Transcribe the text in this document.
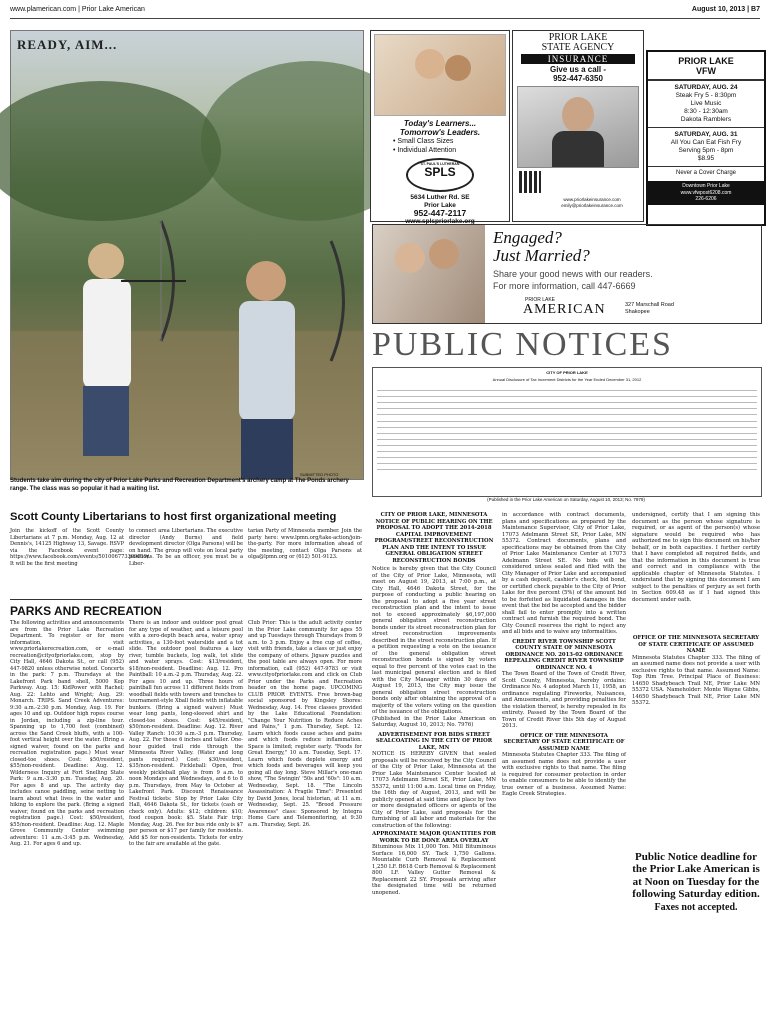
www.plamerican.com | Prior Lake American	August 10, 2013 | B7
READY, AIM...
SUBMITTED PHOTO
Students take aim during the city of Prior Lake Parks and Recreation Department's archery camp at The Ponds archery range. The class was so popular it had a waiting list.
Today's Learners...
Tomorrow's Leaders.
• Small Class Sizes
• Individual Attention
ST. PAUL'S LUTHERAN
SPLS
5634 Luther Rd. SE
Prior Lake
952-447-2117
www.splspriorlake.org
PRIOR LAKE
STATE AGENCY
INSURANCE
Give us a call -
952-447-6350
www.priorlakeinsurance.com
emily@priorlakeinsurance.com
PRIOR LAKE
VFW
SATURDAY, AUG. 24
Steak Fry 5 - 8:30pm
Live Music
8:30 - 12:30am
Dakota Ramblers
SATURDAY, AUG. 31
All You Can Eat Fish Fry
Serving 5pm - 8pm
$8.95
Never a Cover Charge
Downtown Prior Lake
www.vfwpost6208.com
226-6206
Engaged?
Just Married?
Share your good news with our readers.
For more information, call 447-6669
PRIOR LAKE
AMERICAN	327 Marschall Road
Shakopee
PUBLIC NOTICES
CITY OF PRIOR LAKE
Annual Disclosure of Tax Increment Districts for the Year Ended December 31, 2012
(Published in the Prior Lake American on Saturday, August 10, 2013; No. 7979)
Scott County Libertarians to host first organizational meeting
Join the kickoff of the Scott County Libertarians at 7 p.m. Monday, Aug. 12 at Dennis's, 14125 Highway 13, Savage. RSVP via the Facebook event page: https://www.facebook.com/events/501006773309019/. It will be the first meeting
to connect area Libertarians. The executive director (Andy Burns) and field development director (Olga Parsons) will be on hand. The group will vote on local party positions. To be an officer, you must be a Liber-
tarian Party of Minnesota member. Join the party here: www.lpmn.org/take-action/join-the-party. For more information ahead of the meeting, contact Olga Parsons at olga@lpmn.org or (612) 501-9123.
PARKS AND RECREATION
The following activities and announcements are from the Prior Lake Recreation Department. To register or for more information, visit www.priorlakerecreation.com, or e-mail recreation@cityofpriorlake.com, stop by City Hall, 4646 Dakota St., or call (952) 447-9820 unless otherwise noted. Concerts in the park: 7 p.m. Thursdays at the Lakefront Park band shell, 5000 Kop Parkway. Aug. 15: KidPower with Rachel; Aug. 22: Lehto and Wright; Aug. 29: Monarch. TRIPS. Sand Creek Adventures: 9:30 a.m.-2:30 p.m. Monday, Aug. 19. For ages 10 and up. Outdoor high ropes course in Jordan, including a zip-line tour. Spanning up to 1,700 feet (combined) across the Sand Creek bluffs, with a 100-foot vertical height over the water. (Bring a signed waiver, found on the parks and recreation registration page.) Must wear closed-toe shoes. Cost: $50/resident, $55/non-resident. Deadline: Aug. 12. Wilderness Inquiry at Fort Snelling State Park: 9 a.m.-3:30 p.m. Tuesday, Aug. 20. For ages 8 and up. The activity day includes canoe paddling, seine netting to learn about what lives in the water and hiking to explore the park. (Bring a signed waiver, found on the parks and recreation registration page.) Cost: $50/resident, $55/non-resident. Deadline: Aug. 12. Maple Grove Community Center swimming adventure: 11 a.m.-3:45 p.m. Wednesday, Aug. 21. For ages 6 and up.
There is an indoor and outdoor pool great for any type of weather, and a leisure pool with a zero-depth beach area, water spray activities, a 130-foot waterslide and a tot slide. The outdoor pool features a lazy river, tumble buckets, log walk, tot slide and water sprays. Cost: $13/resident, $18/non-resident. Deadline: Aug. 12. Pro Paintball: 10 a.m.-2 p.m. Thursday, Aug. 22. For ages 10 and up. Three hours of paintball fun across 11 different fields from woodball fields with towers and trenches to tournament-style Xball fields with inflatable bunkers. (Bring a signed waiver.) Must wear long pants, long-sleeved shirt and closed-toe shoes. Cost: $45/resident, $50/non-resident. Deadline: Aug. 12. River Valley Ranch: 10:30 a.m.-3 p.m. Thursday, Aug. 22. For those 6 inches and taller. One-hour guided trail ride through the Minnesota River Valley. (Water and long pants required.) Cost: $30/resident, $35/non-resident. Pickleball: Open, free weekly pickleball play is from 9 a.m. to noon Mondays and Wednesdays, and 6 to 8 p.m. Thursdays, from May to October at Lakefront Park. Discount Renaissance Festival tickets: Stop by Prior Lake City Hall, 4646 Dakota St., for tickets (cash or check only). Adults: $12; children: $10; food coupon book: $5. State Fair trip: Monday, Aug. 26. Fee for bus ride only is $7 per person or $17 per family for residents. Add $5 for non-residents. Tickets for entry to the fair are available at the gate.
Club Prior: This is the adult activity center in the Prior Lake community for ages 55 and up Tuesdays through Thursdays from 9 a.m. to 3 p.m. Enjoy a free cup of coffee, visit with friends, take a class or just enjoy the company of others. Jigsaw puzzles and the pool table are always open. For more information, call (952) 447-9783 or visit www.cityofpriorlake.com and click on Club Prior under the Parks and Recreation header on the home page. UPCOMING CLUB PRIOR EVENTS. Free brown-bag social sponsored by Kingsley Shores: Wednesday, Aug. 14. Free classes provided by the Lake Educational Foundation: "Change Your Nutrition to Reduce Aches and Pains," 1 p.m. Thursday, Sept. 12. Learn which foods cause aches and pains and which foods reduce inflammation. Space is limited; register early. "Foods for Great Energy," 10 a.m. Tuesday, Sept. 17. Learn which foods deplete energy and which foods and beverages will keep you going all day long. Steve Millar's one-man show, "The Swingin' '50s and '60s": 10 a.m. Wednesday, Sept. 18. "The Lincoln Assassination: A Fragile Time": Presented by David Jones, local historian, at 11 a.m. Wednesday, Sept. 25. "Brood Pressure Awareness" class: Sponsored by Integra Home Care and Telemonitoring, at 9:30 a.m. Thursday, Sept. 26.
CITY OF PRIOR LAKE, MINNESOTA NOTICE OF PUBLIC HEARING ON THE PROPOSAL TO ADOPT THE 2014-2018 CAPITAL IMPROVEMENT PROGRAM/STREET RECONSTRUCTION PLAN AND THE INTENT TO ISSUE GENERAL OBLIGATION STREET RECONSTRUCTION BONDS
Notice is hereby given that the City Council of the City of Prior Lake, Minnesota, will meet on August 19, 2013, at 7:00 p.m., at City Hall, 4646 Dakota Street, for the purpose of conducting a public hearing on the proposal to adopt a five year street reconstruction plan and the intent to issue not to exceed approximately $6,197,000 general obligation street reconstruction bonds under its street reconstruction plan for street reconstruction improvements described in the street reconstruction plan. If a petition requesting a vote on the issuance of the general obligation street reconstruction bonds is signed by voters equal to five percent of the votes cast in the last municipal general election and is filed with the City Manager within 30 days of August 19, 2013, the City may issue the general obligation street reconstruction bonds only after obtaining the approval of a majority of the voters voting on the question of the issuance of the obligations.
(Published in the Prior Lake American on Saturday, August 10, 2013; No. 7976)
ADVERTISEMENT FOR BIDS STREET SEALCOATING IN THE CITY OF PRIOR LAKE, MN
NOTICE IS HEREBY GIVEN that sealed proposals will be received by the City Council of the City of Prior Lake, Minnesota at the Prior Lake Maintenance Center located at 17073 Adelmann Street SE, Prior Lake, MN 55372, until 11:00 a.m. Local time on Friday, the 16th day of August, 2013, and will be publicly opened at said time and place by two or more designated officers or agents of the City of Prior Lake, said proposals for the furnishing of all labor and materials for the construction of the following:
APPROXIMATE MAJOR QUANTITIES FOR WORK TO BE DONE AREA OVERLAY
Bituminous Mix 11,000 Ton. Mill Bituminous Surface 16,000 SY. Tack 1,750 Gallons. Mountable Curb Removal & Replacement 1,250 LF. B618 Curb Removal & Replacement 800 LF. Valley Gutter Removal & Replacement 22 SY. Proposals arriving after the designated time will be returned unopened.
in accordance with contract documents, plans and specifications as prepared by the Maintenance Supervisor, City of Prior Lake, 17073 Adelmann Street SE, Prior Lake, MN 55372. Contract documents, plans and specifications may be obtained from the City of Prior Lake Maintenance Center at 17073 Adelmann Street SE. No bids will be considered unless sealed and filed with the City Manager of Prior Lake and accompanied by a cash deposit, cashier's check, bid bond, or certified check payable to the City of Prior Lake for five percent (5%) of the amount bid to be forfeited as liquidated damages in the event that the bid be accepted and the bidder shall fail to enter promptly into a written contract and furnish the required bond. The City Council reserves the right to reject any and all bids and to waive any informalities.
CREDIT RIVER TOWNSHIP SCOTT COUNTY STATE OF MINNESOTA ORDINANCE NO. 2013-02 ORDINANCE REPEALING CREDIT RIVER TOWNSHIP ORDINANCE NO. 4
The Town Board of the Town of Credit River, Scott County, Minnesota, hereby ordains: Ordinance No. 4 adopted March 11, 1958, an ordinance regulating Fireworks, Nuisances, and Amusements, and providing penalties for the violation thereof, is hereby repealed in its entirety. Passed by the Town Board of the Town of Credit River this 5th day of August 2013.
OFFICE OF THE MINNESOTA SECRETARY OF STATE CERTIFICATE OF ASSUMED NAME
Minnesota Statutes Chapter 333. The filing of an assumed name does not provide a user with exclusive rights to that name. The filing is required for consumer protection in order to enable consumers to be able to identify the true owner of a business. Assumed Name: Eagle Creek Strategies.
undersigned, certify that I am signing this document as the person whose signature is required, or as agent of the person(s) whose signature would be required who has authorized me to sign this document on his/her behalf, or in both capacities. I further certify that I have completed all required fields, and that the information in this document is true and correct and in compliance with the applicable chapter of Minnesota Statutes. I understand that by signing this document I am subject to the penalties of perjury as set forth in Section 609.48 as if I had signed this document under oath.
OFFICE OF THE MINNESOTA SECRETARY OF STATE CERTIFICATE OF ASSUMED NAME
Minnesota Statutes Chapter 333. The filing of an assumed name does not provide a user with exclusive rights to that name. Assumed Name: Top Rim Tree. Principal Place of Business: 14650 Shadybeach Trail NE, Prior Lake MN 55372 USA. Nameholder: Monte Wayne Gibbs, 14650 Shadybeach Trail NE, Prior Lake MN 55372.
Public Notice deadline for the Prior Lake American is at Noon on Tuesday for the following Saturday edition.
Faxes not accepted.
